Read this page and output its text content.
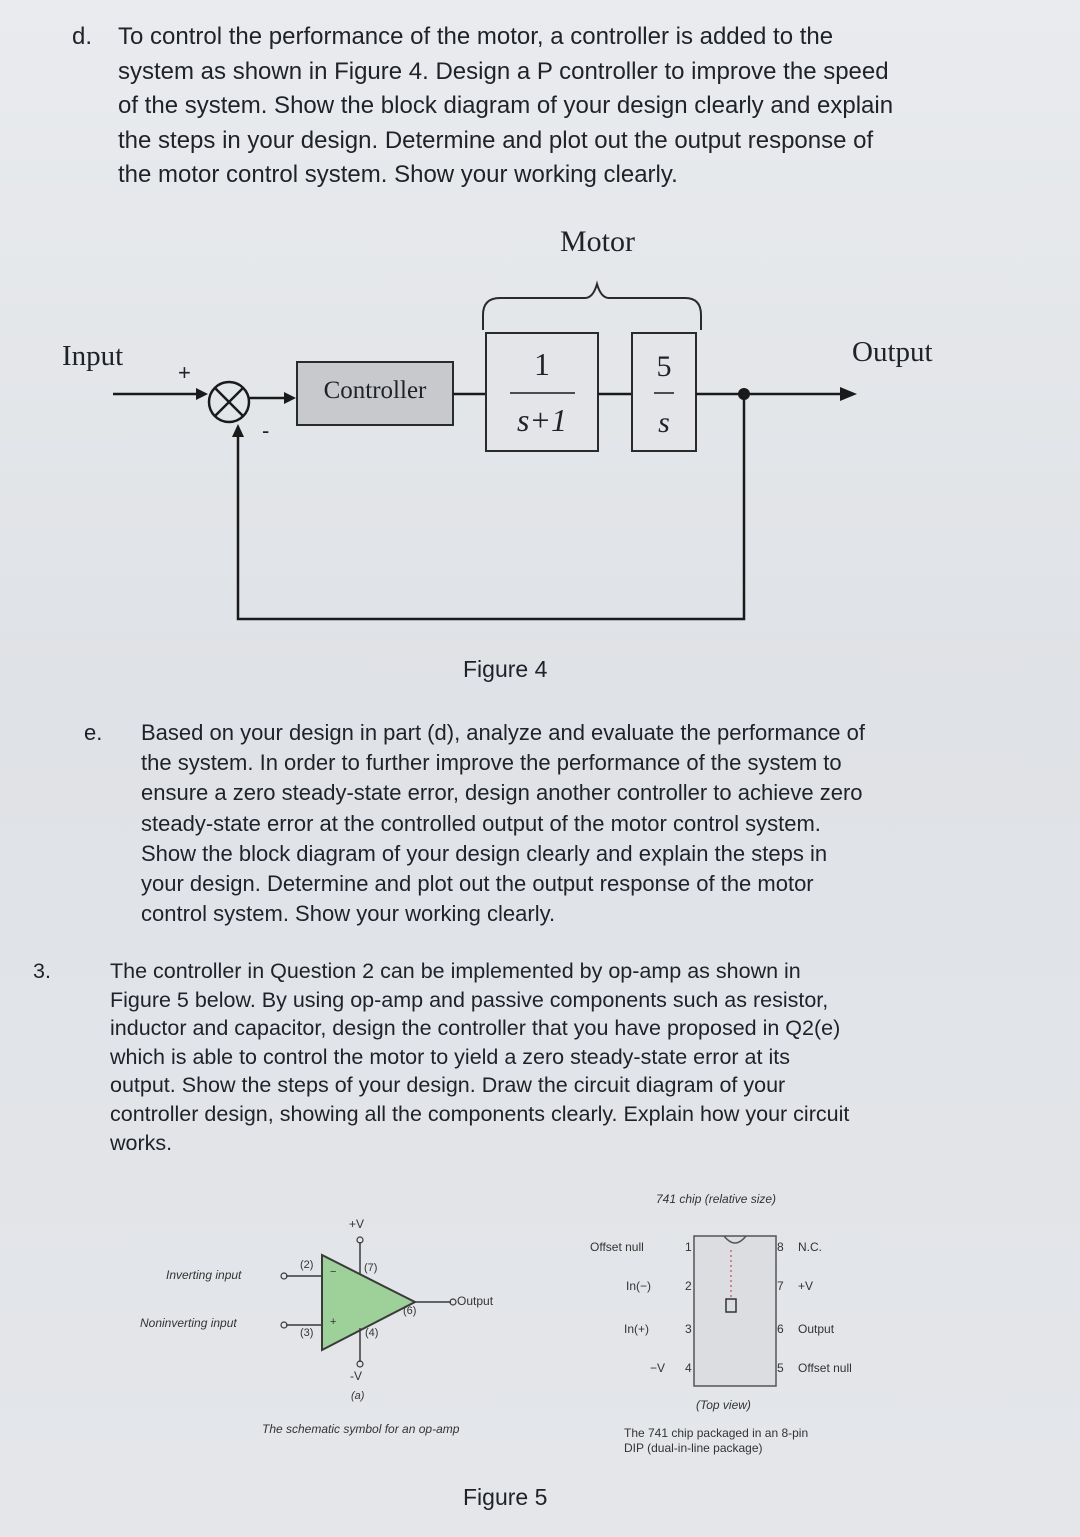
d. To control the performance of the motor, a controller is added to the
system as shown in Figure 4. Design a P controller to improve the speed
of the system. Show the block diagram of your design clearly and explain
the steps in your design. Determine and plot out the output response of
the motor control system. Show your working clearly.
Motor
Input	Output
+
-
Controller
1
s+1
5
s
Figure 4
e. Based on your design in part (d), analyze and evaluate the performance of
the system. In order to further improve the performance of the system to
ensure a zero steady-state error, design another controller to achieve zero
steady-state error at the controlled output of the motor control system.
Show the block diagram of your design clearly and explain the steps in
your design. Determine and plot out the output response of the motor
control system. Show your working clearly.
3.	The controller in Question 2 can be implemented by op-amp as shown in
Figure 5 below. By using op-amp and passive components such as resistor,
inductor and capacitor, design the controller that you have proposed in Q2(e)
which is able to control the motor to yield a zero steady-state error at its
output. Show the steps of your design. Draw the circuit diagram of your
controller design, showing all the components clearly. Explain how your circuit
works.
+V
-V
Inverting input
Noninverting input
Output
(2)
(3)	(4)
(6)
(7)
+
−
(a)
The schematic symbol for an op-amp
741 chip (relative size)
Offset null	1
In(−)	2
In(+)	3
−V 4
8 N.C.
7 +V
6 Output
5 Offset null
(Top view)
The 741 chip packaged in an 8-pin
DIP (dual-in-line package)
Figure 5
